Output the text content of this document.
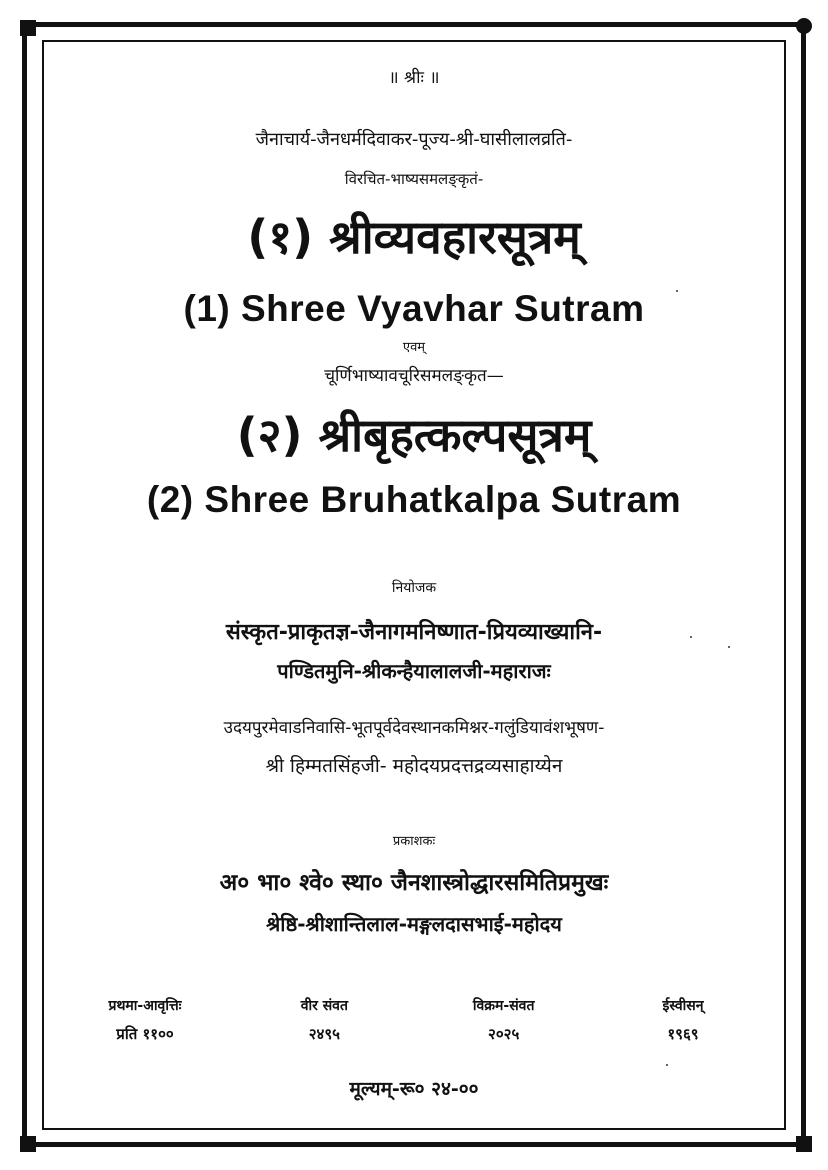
॥ श्रीः ॥
जैनाचार्य-जैनधर्मदिवाकर-पूज्य-श्री-घासीलालव्रति-
विरचित-भाष्यसमलङ्कृतं-
(१) श्रीव्यवहारसूत्रम्
(1) Shree Vyavhar Sutram
एवम्
चूर्णिभाष्यावचूरिसमलङ्कृत—
(२) श्रीबृहत्कल्पसूत्रम्
(2) Shree Bruhatkalpa Sutram
नियोजक
संस्कृत-प्राकृतज्ञ-जैनागमनिष्णात-प्रियव्याख्यानि-
पण्डितमुनि-श्रीकन्हैयालालजी-महाराजः
उदयपुरमेवाडनिवासि-भूतपूर्वदेवस्थानकमिश्नर-गलुंडियावंशभूषण-
श्री हिम्मतसिंहजी- महोदयप्रदत्तद्रव्यसाहाय्येन
प्रकाशकः
अ० भा० श्वे० स्था० जैनशास्त्रोद्धारसमितिप्रमुखः
श्रेष्ठि-श्रीशान्तिलाल-मङ्गलदासभाई-महोदय
प्रथमा-आवृत्तिः	वीर संवत	विक्रम-संवत	ईस्वीसन्
प्रति ११००	२४९५	२०२५	१९६९
मूल्यम्-रू० २४-००
